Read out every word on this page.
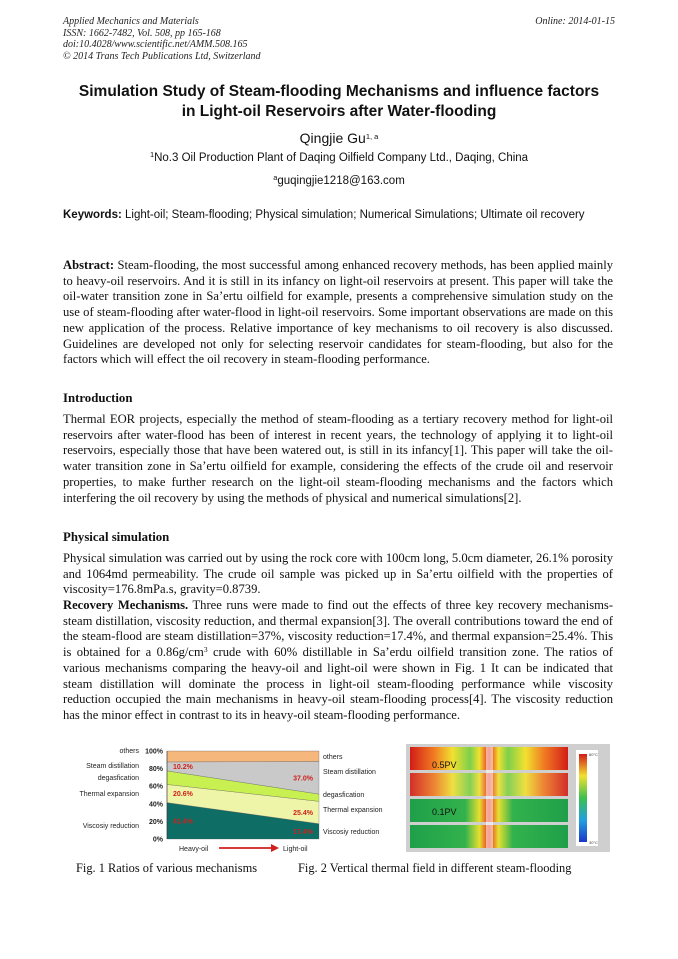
Applied Mechanics and Materials
ISSN: 1662-7482, Vol. 508, pp 165-168
doi:10.4028/www.scientific.net/AMM.508.165
© 2014 Trans Tech Publications Ltd, Switzerland
Online: 2014-01-15
Simulation Study of Steam-flooding Mechanisms and influence factors
in Light-oil Reservoirs after Water-flooding
Qingjie Gu$^{1, a}$
$^1$No.3 Oil Production Plant of Daqing Oilfield Company Ltd., Daqing, China
$^a$guqingjie1218@163.com
Keywords: Light-oil; Steam-flooding; Physical simulation; Numerical Simulations; Ultimate oil recovery
Abstract: Steam-flooding, the most successful among enhanced recovery methods, has been applied mainly to heavy-oil reservoirs. And it is still in its infancy on light-oil reservoirs at present. This paper will take the oil-water transition zone in Sa’ertu oilfield for example, presents a comprehensive simulation study on the use of steam-flooding after water-flood in light-oil reservoirs. Some important observations are made on this new application of the process. Relative importance of key mechanisms to oil recovery is also discussed. Guidelines are developed not only for selecting reservoir candidates for steam-flooding, but also for the factors which will effect the oil recovery in steam-flooding performance.
Introduction
Thermal EOR projects, especially the method of steam-flooding as a tertiary recovery method for light-oil reservoirs after water-flood has been of interest in recent years, the technology of applying it to light-oil reservoirs, especially those that have been watered out, is still in its infancy[1]. This paper will take the oil-water transition zone in Sa’ertu oilfield for example, considering the effects of the crude oil and reservoir properties, to make further research on the light-oil steam-flooding mechanisms and the factors which interfering the oil recovery by using the methods of physical and numerical simulations[2].
Physical simulation
Physical simulation was carried out by using the rock core with 100cm long, 5.0cm diameter, 26.1% porosity and 1064md permeability. The crude oil sample was picked up in Sa’ertu oilfield with the properties of viscosity=176.8mPa.s, gravity=0.8739.
Recovery Mechanisms. Three runs were made to find out the effects of three key recovery mechanisms-steam distillation, viscosity reduction, and thermal expansion[3]. The overall contributions toward the end of the steam-flood are steam distillation=37%, viscosity reduction=17.4%, and thermal expansion=25.4%. This is obtained for a $0.86g/cm^3$ crude with 60% distillable in Sa’erdu oilfield transition zone. The ratios of various mechanisms comparing the heavy-oil and light-oil were shown in Fig. 1 It can be indicated that steam distillation will dominate the process in light-oil steam-flooding performance while viscosity reduction occupied the main mechanisms in heavy-oil steam-flooding process[4]. The viscosity reduction has the minor effect in contrast to its in heavy-oil steam-flooding performance.
0%
20%
40%
60%
80%
100%
others
Steam distillation
degasfication
Thermal expansion
Viscosiy reduction
others
Steam distillation
degasfication
Thermal expansion
Viscosiy reduction
41.4%
17.4%
20.6%
25.4%
10.2%
37.0%
Heavy-oil	Light-oil
80°C
30°C
0.5PV
0.1PV
Fig. 1 Ratios of various mechanisms	Fig. 2 Vertical thermal field in different steam-flooding
